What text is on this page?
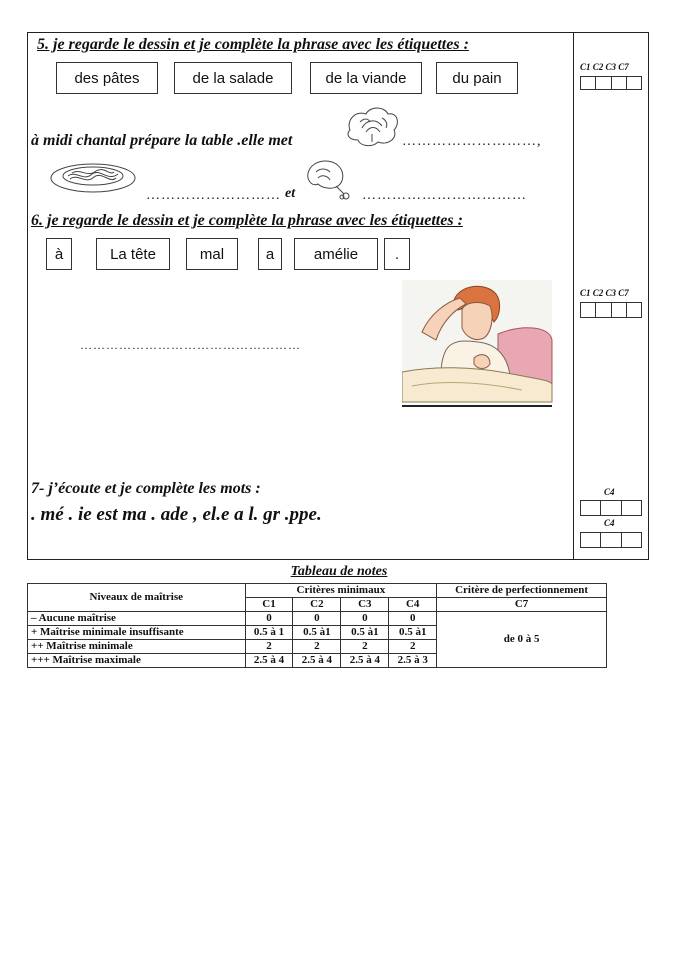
5. je regarde le dessin et je complète la phrase avec les étiquettes :
des pâtes	de la salade	de la viande	du pain
à midi chantal prépare la table .elle met	………………………,
……………………… et	……………………………
6. je regarde le dessin et je complète la phrase avec les étiquettes :
à	La tête	mal	a	amélie	.
……………………………………………
7- j’écoute et je complète les mots :
. mé . ie est ma . ade , el.e a l. gr .ppe.
C1 C2 C3 C7
C1 C2 C3 C7
C4
C4
Tableau de notes
Niveaux de maîtrise	Critères minimaux				Critère de perfectionnement
	C1	C2	C3	C4	C7
– Aucune maîtrise	0	0	0	0	de 0 à 5
+ Maîtrise minimale insuffisante	0.5 à 1	0.5 à1	0.5 à1	0.5 à1	
++ Maîtrise minimale	2	2	2	2	
+++ Maîtrise maximale	2.5 à 4	2.5 à 4	2.5 à 4	2.5 à 3	
